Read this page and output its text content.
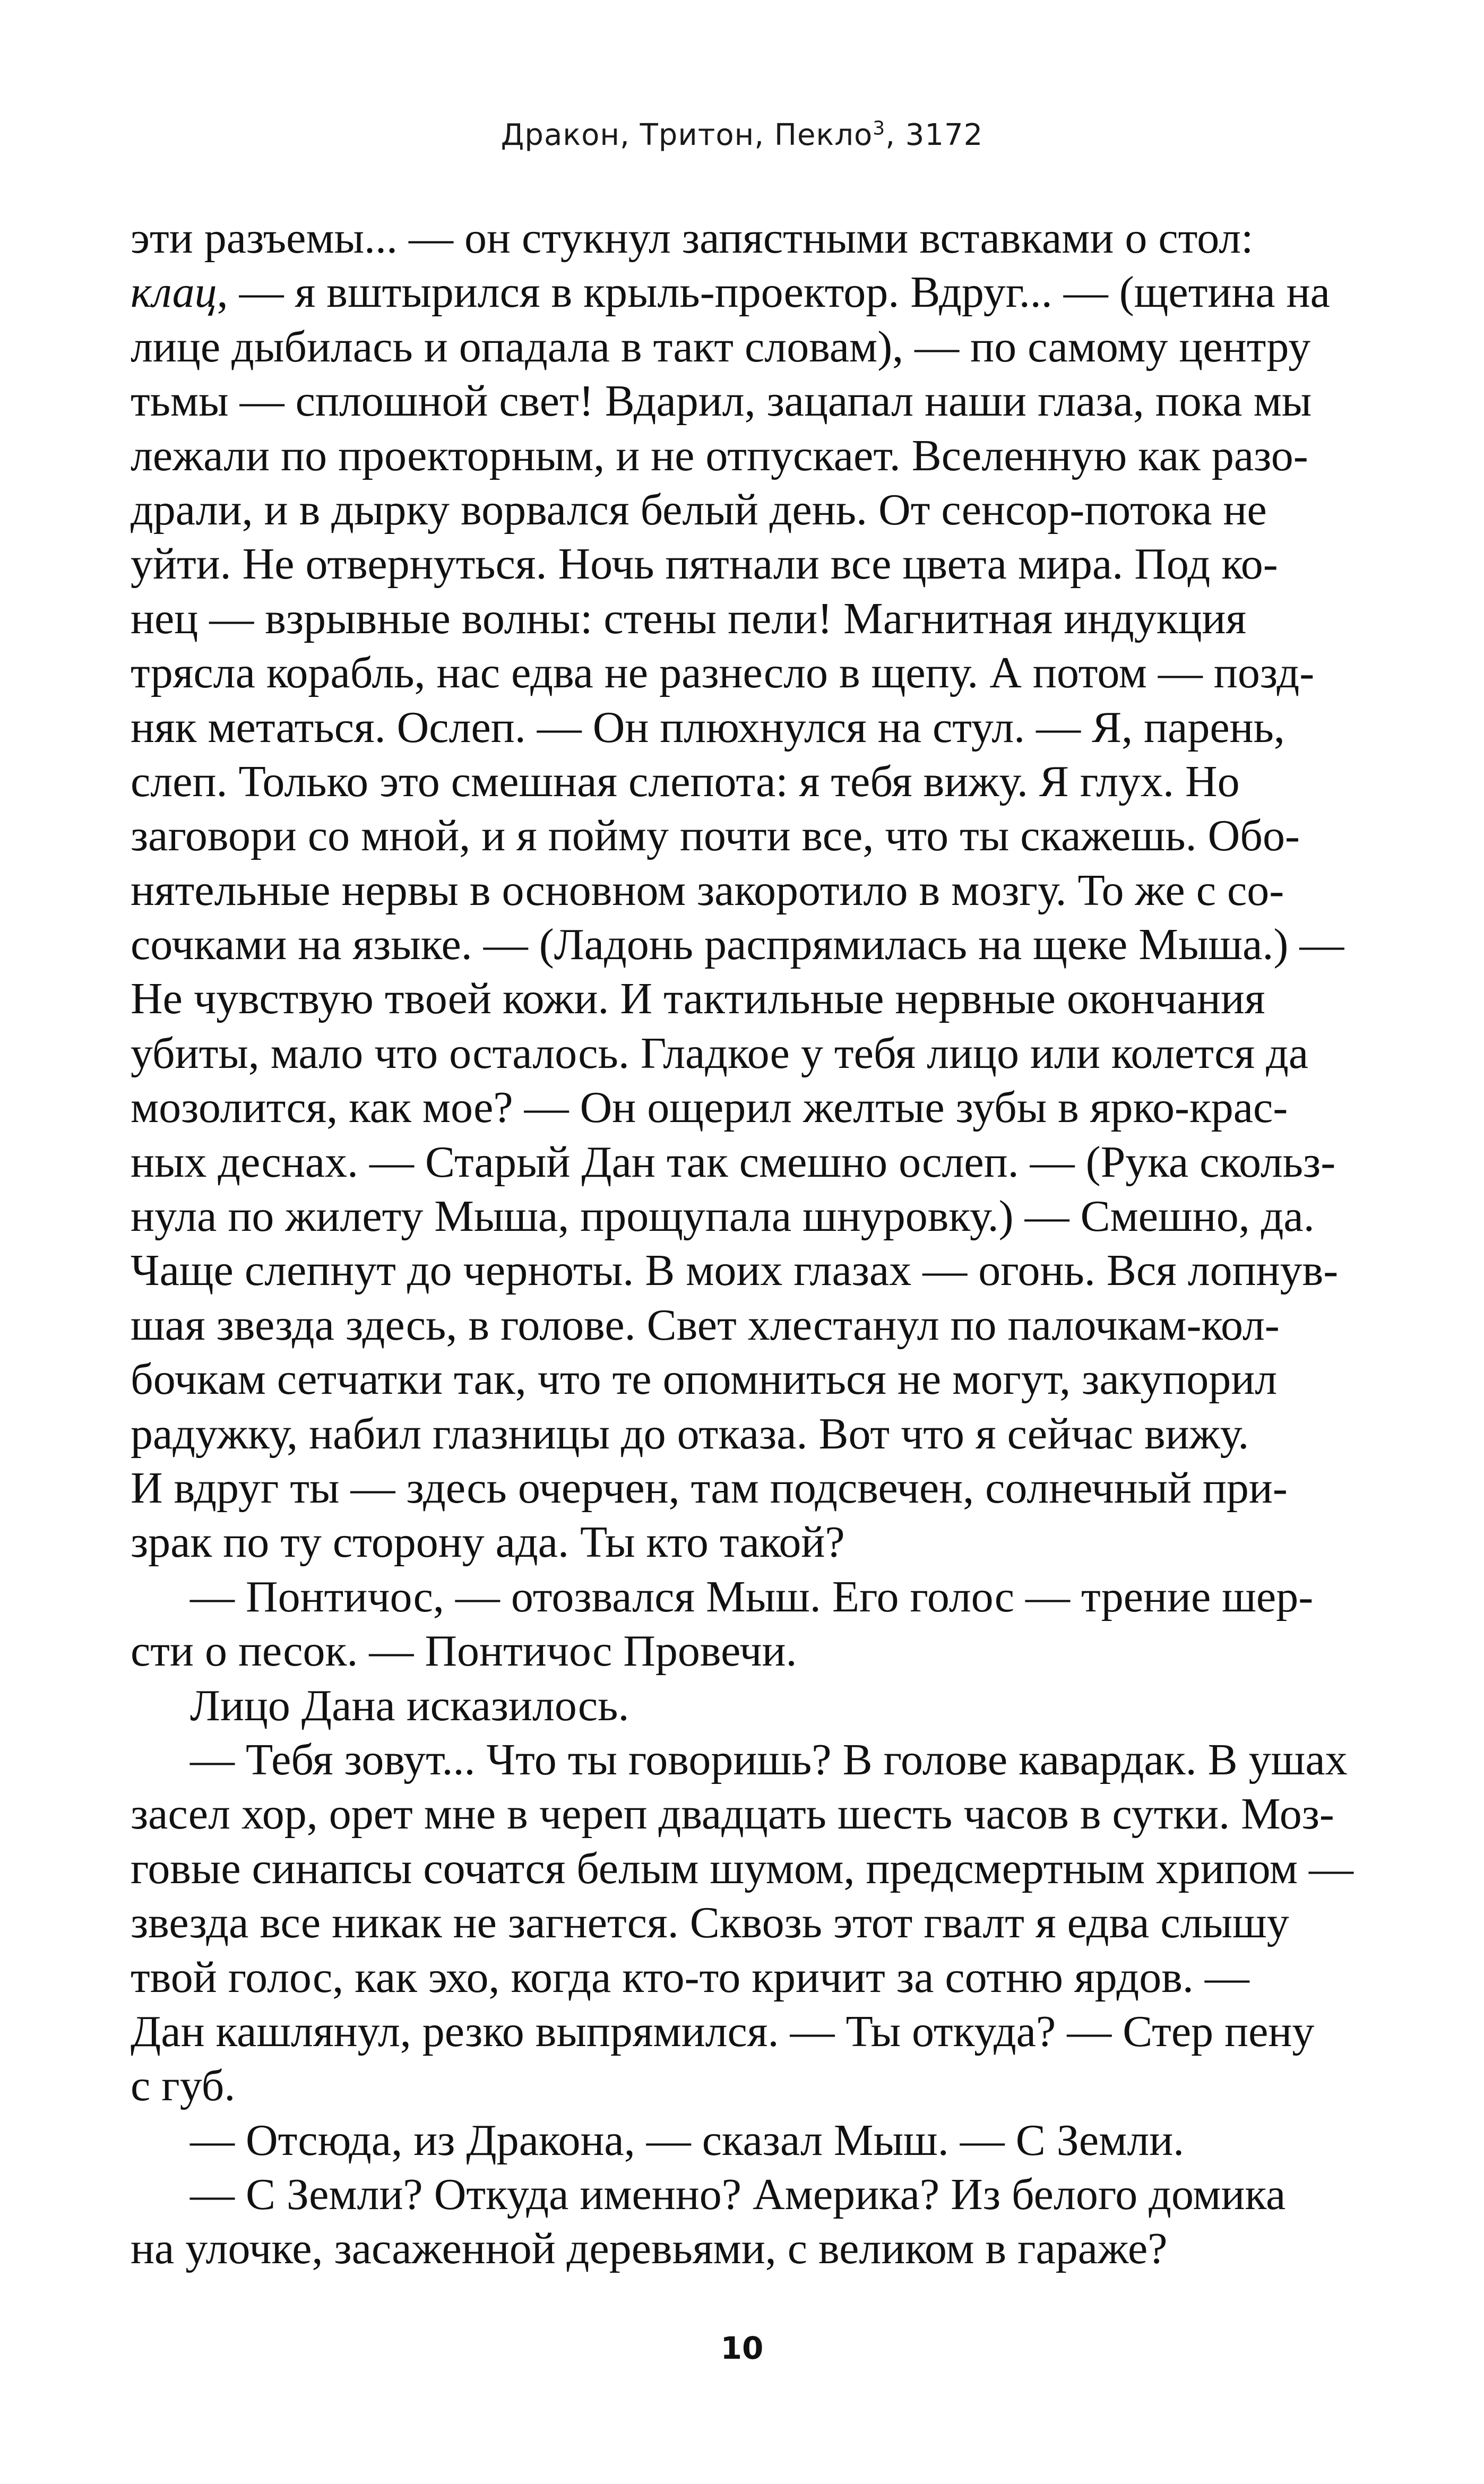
Дракон, Тритон, Пекло$^3$, 3172
эти разъемы... — он стукнул запястными вставками о стол:
клац, — я вштырился в крыль-проектор. Вдруг... — (щетина на
лице дыбилась и опадала в такт словам), — по самому центру
тьмы — сплошной свет! Вдарил, зацапал наши глаза, пока мы
лежали по проекторным, и не отпускает. Вселенную как разо-
драли, и в дырку ворвался белый день. От сенсор-потока не
уйти. Не отвернуться. Ночь пятнали все цвета мира. Под ко-
нец — взрывные волны: стены пели! Магнитная индукция
трясла корабль, нас едва не разнесло в щепу. А потом — позд-
няк метаться. Ослеп. — Он плюхнулся на стул. — Я, парень,
слеп. Только это смешная слепота: я тебя вижу. Я глух. Но
заговори со мной, и я пойму почти все, что ты скажешь. Обо-
нятельные нервы в основном закоротило в мозгу. То же с со-
сочками на языке. — (Ладонь распрямилась на щеке Мыша.) —
Не чувствую твоей кожи. И тактильные нервные окончания
убиты, мало что осталось. Гладкое у тебя лицо или колется да
мозолится, как мое? — Он ощерил желтые зубы в ярко-крас-
ных деснах. — Старый Дан так смешно ослеп. — (Рука скольз-
нула по жилету Мыша, прощупала шнуровку.) — Смешно, да.
Чаще слепнут до черноты. В моих глазах — огонь. Вся лопнув-
шая звезда здесь, в голове. Свет хлестанул по палочкам-кол-
бочкам сетчатки так, что те опомниться не могут, закупорил
радужку, набил глазницы до отказа. Вот что я сейчас вижу.
И вдруг ты — здесь очерчен, там подсвечен, солнечный при-
зрак по ту сторону ада. Ты кто такой?
— Понтичос, — отозвался Мыш. Его голос — трение шер-
сти о песок. — Понтичос Провечи.
Лицо Дана исказилось.
— Тебя зовут... Что ты говоришь? В голове кавардак. В ушах
засел хор, орет мне в череп двадцать шесть часов в сутки. Моз-
говые синапсы сочатся белым шумом, предсмертным хрипом —
звезда все никак не загнется. Сквозь этот гвалт я едва слышу
твой голос, как эхо, когда кто-то кричит за сотню ярдов. —
Дан кашлянул, резко выпрямился. — Ты откуда? — Стер пену
с губ.
— Отсюда, из Дракона, — сказал Мыш. — С Земли.
— С Земли? Откуда именно? Америка? Из белого домика
на улочке, засаженной деревьями, с великом в гараже?
10
